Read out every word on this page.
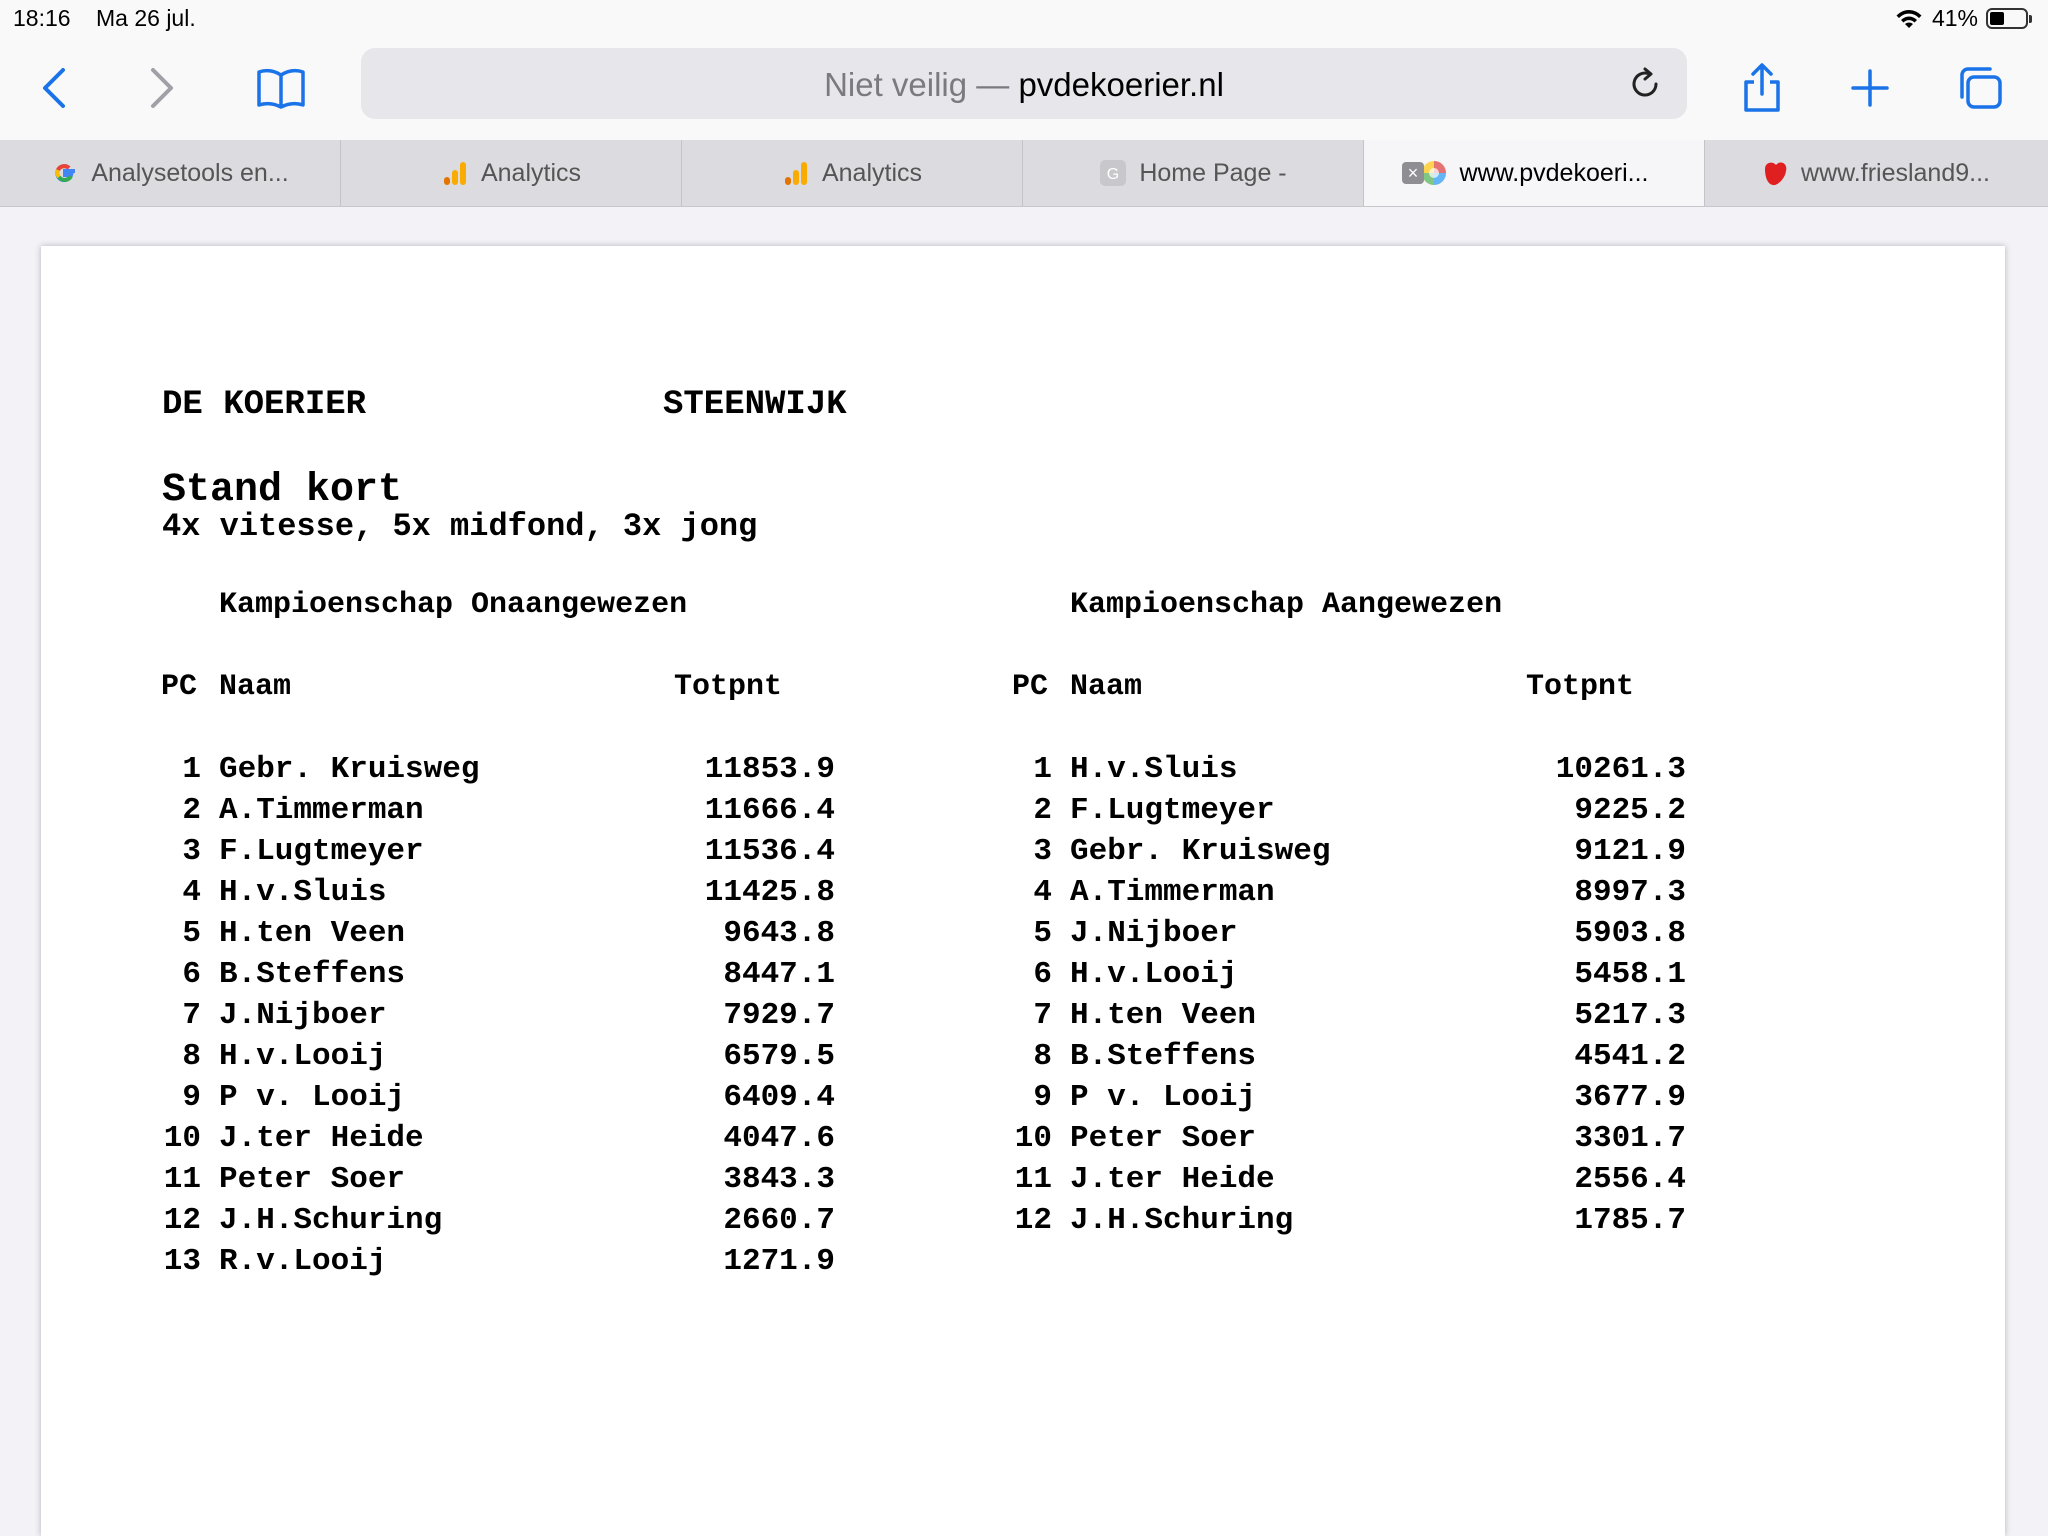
18:16 Ma 26 jul.	41%
Niet veilig — pvdekoerier.nl
Analysetools en...	Analytics	Analytics	G Home Page -	× www.pvdekoeri...	www.friesland9...
DE KOERIER	STEENWIJK
Stand kort
4x vitesse, 5x midfond, 3x jong
Kampioenschap Onaangewezen	Kampioenschap Aangewezen
PC Naam	Totpnt	PC Naam	Totpnt
1 Gebr. Kruisweg	11853.9
2 A.Timmerman	11666.4
3 F.Lugtmeyer	11536.4
4 H.v.Sluis	11425.8
5 H.ten Veen	9643.8
6 B.Steffens	8447.1
7 J.Nijboer	7929.7
8 H.v.Looij	6579.5
9 P v. Looij	6409.4
10 J.ter Heide	4047.6
11 Peter Soer	3843.3
12 J.H.Schuring	2660.7
13 R.v.Looij	1271.9
1 H.v.Sluis	10261.3
2 F.Lugtmeyer	9225.2
3 Gebr. Kruisweg	9121.9
4 A.Timmerman	8997.3
5 J.Nijboer	5903.8
6 H.v.Looij	5458.1
7 H.ten Veen	5217.3
8 B.Steffens	4541.2
9 P v. Looij	3677.9
10 Peter Soer	3301.7
11 J.ter Heide	2556.4
12 J.H.Schuring	1785.7
